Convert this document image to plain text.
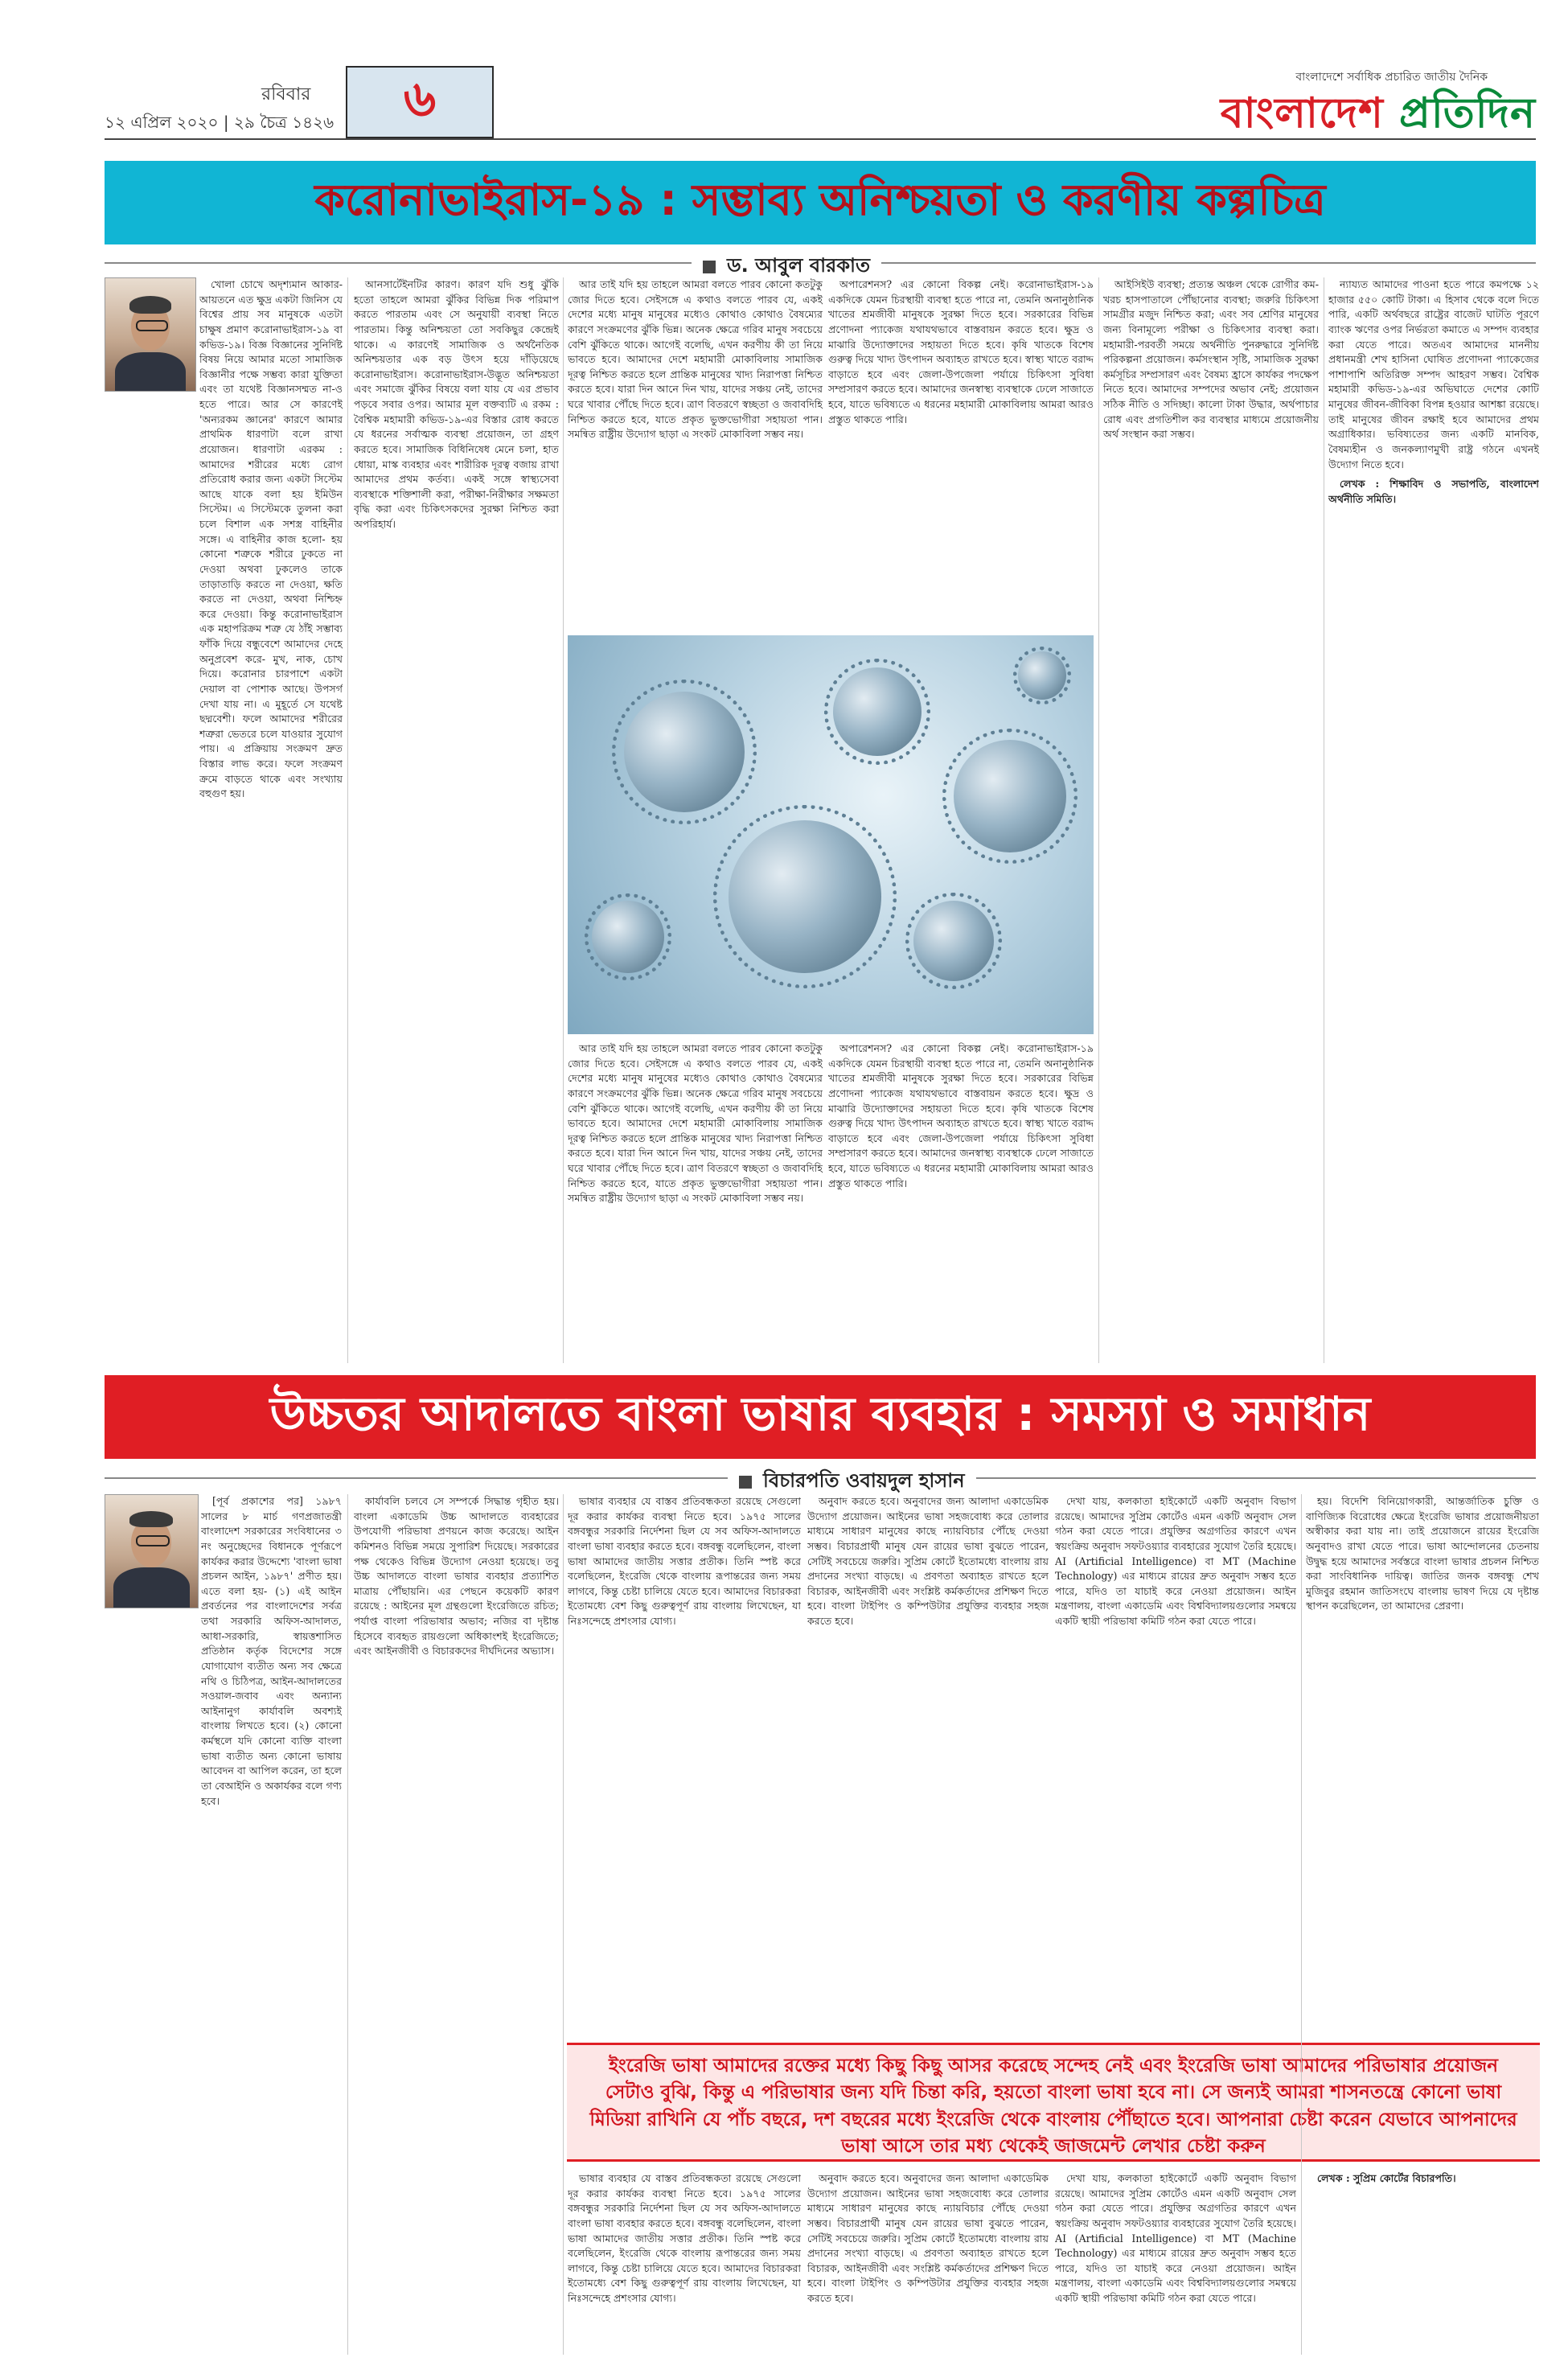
রবিবার
১২ এপ্রিল ২০২০ | ২৯ চৈত্র ১৪২৬ ৬	বাংলাদেশে সর্বাধিক প্রচারিত জাতীয় দৈনিক
বাংলাদেশ প্রতিদিন
করোনাভাইরাস-১৯ : সম্ভাব্য অনিশ্চয়তা ও করণীয় কল্পচিত্র
ড. আবুল বারকাত

খোলা চোখে অদৃশ্যমান আকার-আয়তনে এত ক্ষুদ্র একটা জিনিস যে বিশ্বের প্রায় সব মানুষকে এতটা চাক্ষুষ প্রমাণ করোনাভাইরাস-১৯ বা কভিড-১৯। বিজ্ঞ বিজ্ঞানের সুনির্দিষ্ট বিষয় নিয়ে আমার মতো সামাজিক বিজ্ঞানীর পক্ষে সম্ভব্য কারা যুক্তিতা এবং তা যথেষ্ট বিজ্ঞানসম্মত না-ও হতে পারে। আর সে কারণেই 'অন্যরকম জ্ঞানের' কারণে আমার প্রাথমিক ধারণাটা বলে রাখা প্রয়োজন। ধারণাটা এরকম : আমাদের শরীরের মধ্যে রোগ প্রতিরোধ করার জন্য একটা সিস্টেম আছে যাকে বলা হয় ইমিউন সিস্টেম। এ সিস্টেমকে তুলনা করা চলে বিশাল এক সশস্ত্র বাহিনীর সঙ্গে। এ বাহিনীর কাজ হলো- হয় কোনো শত্রুকে শরীরে ঢুকতে না দেওয়া অথবা ঢুকলেও তাকে তাড়াতাড়ি করতে না দেওয়া, ক্ষতি করতে না দেওয়া, অথবা নিশ্চিহ্ন করে দেওয়া। কিন্তু করোনাভাইরাস এক মহাপরিক্রম শত্রু যে ঠাঁই সম্ভাব্য ফাঁকি দিয়ে বন্ধুবেশে আমাদের দেহে অনুপ্রবেশ করে- মুখ, নাক, চোখ দিয়ে। করোনার চারপাশে একটা দেয়াল বা পোশাক আছে। উপসর্গ দেখা যায় না। এ মুহূর্তে সে যথেষ্ট ছদ্মবেশী। ফলে আমাদের শরীরের শত্রুরা ভেতরে চলে যাওয়ার সুযোগ পায়। এ প্রক্রিয়ায় সংক্রমণ দ্রুত বিস্তার লাভ করে। ফলে সংক্রমণ ক্রমে বাড়তে থাকে এবং সংখ্যায় বহুগুণ হয়।

আনসার্টেইনটির কারণ। কারণ যদি শুধু ঝুঁকি হতো তাহলে আমরা ঝুঁকির বিভিন্ন দিক পরিমাপ করতে পারতাম এবং সে অনুযায়ী ব্যবস্থা নিতে পারতাম। কিন্তু অনিশ্চয়তা তো সবকিছুর কেন্দ্রেই থাকে। এ কারণেই সামাজিক ও অর্থনৈতিক অনিশ্চয়তার এক বড় উৎস হয়ে দাঁড়িয়েছে করোনাভাইরাস। করোনাভাইরাস-উদ্ভূত অনিশ্চয়তা এবং সমাজে ঝুঁকির বিষয়ে বলা যায় যে এর প্রভাব পড়বে সবার ওপর। আমার মূল বক্তব্যটি এ রকম : বৈশ্বিক মহামারী কভিড-১৯-এর বিস্তার রোধ করতে যে ধরনের সর্বাত্মক ব্যবস্থা প্রয়োজন, তা গ্রহণ করতে হবে। সামাজিক বিধিনিষেধ মেনে চলা, হাত ধোয়া, মাস্ক ব্যবহার এবং শারীরিক দূরত্ব বজায় রাখা আমাদের প্রথম কর্তব্য। একই সঙ্গে স্বাস্থ্যসেবা ব্যবস্থাকে শক্তিশালী করা, পরীক্ষা-নিরীক্ষার সক্ষমতা বৃদ্ধি করা এবং চিকিৎসকদের সুরক্ষা নিশ্চিত করা অপরিহার্য।

আর তাই যদি হয় তাহলে আমরা বলতে পারব কোনো কতটুকু জোর দিতে হবে। সেইসঙ্গে এ কথাও বলতে পারব যে, একই দেশের মধ্যে মানুষ মানুষের মধ্যেও কোথাও কোথাও বৈষম্যের কারণে সংক্রমণের ঝুঁকি ভিন্ন। অনেক ক্ষেত্রে গরিব মানুষ সবচেয়ে বেশি ঝুঁকিতে থাকে। আগেই বলেছি, এখন করণীয় কী তা নিয়ে ভাবতে হবে। আমাদের দেশে মহামারী মোকাবিলায় সামাজিক দূরত্ব নিশ্চিত করতে হলে প্রান্তিক মানুষের খাদ্য নিরাপত্তা নিশ্চিত করতে হবে। যারা দিন আনে দিন খায়, যাদের সঞ্চয় নেই, তাদের ঘরে খাবার পৌঁছে দিতে হবে। ত্রাণ বিতরণে স্বচ্ছতা ও জবাবদিহি নিশ্চিত করতে হবে, যাতে প্রকৃত ভুক্তভোগীরা সহায়তা পান। সমন্বিত রাষ্ট্রীয় উদ্যোগ ছাড়া এ সংকট মোকাবিলা সম্ভব নয়।

অপারেশনস? এর কোনো বিকল্প নেই। করোনাভাইরাস-১৯ একদিকে যেমন চিরস্থায়ী ব্যবস্থা হতে পারে না, তেমনি অনানুষ্ঠানিক খাতের শ্রমজীবী মানুষকে সুরক্ষা দিতে হবে। সরকারের বিভিন্ন প্রণোদনা প্যাকেজ যথাযথভাবে বাস্তবায়ন করতে হবে। ক্ষুদ্র ও মাঝারি উদ্যোক্তাদের সহায়তা দিতে হবে। কৃষি খাতকে বিশেষ গুরুত্ব দিয়ে খাদ্য উৎপাদন অব্যাহত রাখতে হবে। স্বাস্থ্য খাতে বরাদ্দ বাড়াতে হবে এবং জেলা-উপজেলা পর্যায়ে চিকিৎসা সুবিধা সম্প্রসারণ করতে হবে। আমাদের জনস্বাস্থ্য ব্যবস্থাকে ঢেলে সাজাতে হবে, যাতে ভবিষ্যতে এ ধরনের মহামারী মোকাবিলায় আমরা আরও প্রস্তুত থাকতে পারি।

আর তাই যদি হয় তাহলে আমরা বলতে পারব কোনো কতটুকু জোর দিতে হবে। সেইসঙ্গে এ কথাও বলতে পারব যে, একই দেশের মধ্যে মানুষ মানুষের মধ্যেও কোথাও কোথাও বৈষম্যের কারণে সংক্রমণের ঝুঁকি ভিন্ন। অনেক ক্ষেত্রে গরিব মানুষ সবচেয়ে বেশি ঝুঁকিতে থাকে। আগেই বলেছি, এখন করণীয় কী তা নিয়ে ভাবতে হবে। আমাদের দেশে মহামারী মোকাবিলায় সামাজিক দূরত্ব নিশ্চিত করতে হলে প্রান্তিক মানুষের খাদ্য নিরাপত্তা নিশ্চিত করতে হবে। যারা দিন আনে দিন খায়, যাদের সঞ্চয় নেই, তাদের ঘরে খাবার পৌঁছে দিতে হবে। ত্রাণ বিতরণে স্বচ্ছতা ও জবাবদিহি নিশ্চিত করতে হবে, যাতে প্রকৃত ভুক্তভোগীরা সহায়তা পান। সমন্বিত রাষ্ট্রীয় উদ্যোগ ছাড়া এ সংকট মোকাবিলা সম্ভব নয়।

অপারেশনস? এর কোনো বিকল্প নেই। করোনাভাইরাস-১৯ একদিকে যেমন চিরস্থায়ী ব্যবস্থা হতে পারে না, তেমনি অনানুষ্ঠানিক খাতের শ্রমজীবী মানুষকে সুরক্ষা দিতে হবে। সরকারের বিভিন্ন প্রণোদনা প্যাকেজ যথাযথভাবে বাস্তবায়ন করতে হবে। ক্ষুদ্র ও মাঝারি উদ্যোক্তাদের সহায়তা দিতে হবে। কৃষি খাতকে বিশেষ গুরুত্ব দিয়ে খাদ্য উৎপাদন অব্যাহত রাখতে হবে। স্বাস্থ্য খাতে বরাদ্দ বাড়াতে হবে এবং জেলা-উপজেলা পর্যায়ে চিকিৎসা সুবিধা সম্প্রসারণ করতে হবে। আমাদের জনস্বাস্থ্য ব্যবস্থাকে ঢেলে সাজাতে হবে, যাতে ভবিষ্যতে এ ধরনের মহামারী মোকাবিলায় আমরা আরও প্রস্তুত থাকতে পারি।

আইসিইউ ব্যবস্থা; প্রত্যন্ত অঞ্চল থেকে রোগীর কম-খরচ হাসপাতালে পৌঁছানোর ব্যবস্থা; জরুরি চিকিৎসা সামগ্রীর মজুদ নিশ্চিত করা; এবং সব শ্রেণির মানুষের জন্য বিনামূল্যে পরীক্ষা ও চিকিৎসার ব্যবস্থা করা। মহামারী-পরবর্তী সময়ে অর্থনীতি পুনরুদ্ধারে সুনির্দিষ্ট পরিকল্পনা প্রয়োজন। কর্মসংস্থান সৃষ্টি, সামাজিক সুরক্ষা কর্মসূচির সম্প্রসারণ এবং বৈষম্য হ্রাসে কার্যকর পদক্ষেপ নিতে হবে। আমাদের সম্পদের অভাব নেই; প্রয়োজন সঠিক নীতি ও সদিচ্ছা। কালো টাকা উদ্ধার, অর্থপাচার রোধ এবং প্রগতিশীল কর ব্যবস্থার মাধ্যমে প্রয়োজনীয় অর্থ সংস্থান করা সম্ভব।

ন্যায্যত আমাদের পাওনা হতে পারে কমপক্ষে ১২ হাজার ৫৫০ কোটি টাকা। এ হিসাব থেকে বলে দিতে পারি, একটি অর্থবছরে রাষ্ট্রের বাজেট ঘাটতি পূরণে ব্যাংক ঋণের ওপর নির্ভরতা কমাতে এ সম্পদ ব্যবহার করা যেতে পারে। অতএব আমাদের মাননীয় প্রধানমন্ত্রী শেখ হাসিনা ঘোষিত প্রণোদনা প্যাকেজের পাশাপাশি অতিরিক্ত সম্পদ আহরণ সম্ভব। বৈশ্বিক মহামারী কভিড-১৯-এর অভিঘাতে দেশের কোটি মানুষের জীবন-জীবিকা বিপন্ন হওয়ার আশঙ্কা রয়েছে। তাই মানুষের জীবন রক্ষাই হবে আমাদের প্রথম অগ্রাধিকার। ভবিষ্যতের জন্য একটি মানবিক, বৈষম্যহীন ও জনকল্যাণমুখী রাষ্ট্র গঠনে এখনই উদ্যোগ নিতে হবে।

লেখক : শিক্ষাবিদ ও সভাপতি, বাংলাদেশ অর্থনীতি সমিতি।

উচ্চতর আদালতে বাংলা ভাষার ব্যবহার : সমস্যা ও সমাধান
বিচারপতি ওবায়দুল হাসান

[পূর্ব প্রকাশের পর] ১৯৮৭ সালের ৮ মার্চ গণপ্রজাতন্ত্রী বাংলাদেশ সরকারের সংবিধানের ৩ নং অনুচ্ছেদের বিধানকে পূর্ণরূপে কার্যকর করার উদ্দেশ্যে 'বাংলা ভাষা প্রচলন আইন, ১৯৮৭' প্রণীত হয়। এতে বলা হয়- (১) এই আইন প্রবর্তনের পর বাংলাদেশের সর্বত্র তথা সরকারি অফিস-আদালত, আধা-সরকারি, স্বায়ত্তশাসিত প্রতিষ্ঠান কর্তৃক বিদেশের সঙ্গে যোগাযোগ ব্যতীত অন্য সব ক্ষেত্রে নথি ও চিঠিপত্র, আইন-আদালতের সওয়াল-জবাব এবং অন্যান্য আইনানুগ কার্যাবলি অবশ্যই বাংলায় লিখতে হবে। (২) কোনো কর্মস্থলে যদি কোনো ব্যক্তি বাংলা ভাষা ব্যতীত অন্য কোনো ভাষায় আবেদন বা আপিল করেন, তা হলে তা বেআইনি ও অকার্যকর বলে গণ্য হবে।

কার্যাবলি চলবে সে সম্পর্কে সিদ্ধান্ত গৃহীত হয়। বাংলা একাডেমি উচ্চ আদালতে ব্যবহারের উপযোগী পরিভাষা প্রণয়নে কাজ করেছে। আইন কমিশনও বিভিন্ন সময়ে সুপারিশ দিয়েছে। সরকারের পক্ষ থেকেও বিভিন্ন উদ্যোগ নেওয়া হয়েছে। তবু উচ্চ আদালতে বাংলা ভাষার ব্যবহার প্রত্যাশিত মাত্রায় পৌঁছায়নি। এর পেছনে কয়েকটি কারণ রয়েছে : আইনের মূল গ্রন্থগুলো ইংরেজিতে রচিত; পর্যাপ্ত বাংলা পরিভাষার অভাব; নজির বা দৃষ্টান্ত হিসেবে ব্যবহৃত রায়গুলো অধিকাংশই ইংরেজিতে; এবং আইনজীবী ও বিচারকদের দীর্ঘদিনের অভ্যাস।

ভাষার ব্যবহার যে বাস্তব প্রতিবন্ধকতা রয়েছে সেগুলো দূর করার কার্যকর ব্যবস্থা নিতে হবে। ১৯৭৫ সালের বঙ্গবন্ধুর সরকারি নির্দেশনা ছিল যে সব অফিস-আদালতে বাংলা ভাষা ব্যবহার করতে হবে। বঙ্গবন্ধু বলেছিলেন, বাংলা ভাষা আমাদের জাতীয় সত্তার প্রতীক। তিনি স্পষ্ট করে বলেছিলেন, ইংরেজি থেকে বাংলায় রূপান্তরের জন্য সময় লাগবে, কিন্তু চেষ্টা চালিয়ে যেতে হবে। আমাদের বিচারকরা ইতোমধ্যে বেশ কিছু গুরুত্বপূর্ণ রায় বাংলায় লিখেছেন, যা নিঃসন্দেহে প্রশংসার যোগ্য।

অনুবাদ করতে হবে। অনুবাদের জন্য আলাদা একাডেমিক উদ্যোগ প্রয়োজন। আইনের ভাষা সহজবোধ্য করে তোলার মাধ্যমে সাধারণ মানুষের কাছে ন্যায়বিচার পৌঁছে দেওয়া সম্ভব। বিচারপ্রার্থী মানুষ যেন রায়ের ভাষা বুঝতে পারেন, সেটিই সবচেয়ে জরুরি। সুপ্রিম কোর্টে ইতোমধ্যে বাংলায় রায় প্রদানের সংখ্যা বাড়ছে। এ প্রবণতা অব্যাহত রাখতে হলে বিচারক, আইনজীবী এবং সংশ্লিষ্ট কর্মকর্তাদের প্রশিক্ষণ দিতে হবে। বাংলা টাইপিং ও কম্পিউটার প্রযুক্তির ব্যবহার সহজ করতে হবে।

দেখা যায়, কলকাতা হাইকোর্টে একটি অনুবাদ বিভাগ রয়েছে। আমাদের সুপ্রিম কোর্টেও এমন একটি অনুবাদ সেল গঠন করা যেতে পারে। প্রযুক্তির অগ্রগতির কারণে এখন স্বয়ংক্রিয় অনুবাদ সফটওয়্যার ব্যবহারের সুযোগ তৈরি হয়েছে। AI (Artificial Intelligence) বা MT (Machine Technology) এর মাধ্যমে রায়ের দ্রুত অনুবাদ সম্ভব হতে পারে, যদিও তা যাচাই করে নেওয়া প্রয়োজন। আইন মন্ত্রণালয়, বাংলা একাডেমি এবং বিশ্ববিদ্যালয়গুলোর সমন্বয়ে একটি স্থায়ী পরিভাষা কমিটি গঠন করা যেতে পারে।

ইংরেজি ভাষা আমাদের রক্তের মধ্যে কিছু কিছু আসর করেছে সন্দেহ নেই এবং ইংরেজি ভাষা আমাদের পরিভাষার প্রয়োজন সেটাও বুঝি, কিন্তু এ পরিভাষার জন্য যদি চিন্তা করি, হয়তো বাংলা ভাষা হবে না। সে জন্যই আমরা শাসনতন্ত্রে কোনো ভাষা মিডিয়া রাখিনি যে পাঁচ বছরে, দশ বছরের মধ্যে ইংরেজি থেকে বাংলায় পৌঁছাতে হবে। আপনারা চেষ্টা করেন যেভাবে আপনাদের ভাষা আসে তার মধ্য থেকেই জাজমেন্ট লেখার চেষ্টা করুন

ভাষার ব্যবহার যে বাস্তব প্রতিবন্ধকতা রয়েছে সেগুলো দূর করার কার্যকর ব্যবস্থা নিতে হবে। ১৯৭৫ সালের বঙ্গবন্ধুর সরকারি নির্দেশনা ছিল যে সব অফিস-আদালতে বাংলা ভাষা ব্যবহার করতে হবে। বঙ্গবন্ধু বলেছিলেন, বাংলা ভাষা আমাদের জাতীয় সত্তার প্রতীক। তিনি স্পষ্ট করে বলেছিলেন, ইংরেজি থেকে বাংলায় রূপান্তরের জন্য সময় লাগবে, কিন্তু চেষ্টা চালিয়ে যেতে হবে। আমাদের বিচারকরা ইতোমধ্যে বেশ কিছু গুরুত্বপূর্ণ রায় বাংলায় লিখেছেন, যা নিঃসন্দেহে প্রশংসার যোগ্য।

অনুবাদ করতে হবে। অনুবাদের জন্য আলাদা একাডেমিক উদ্যোগ প্রয়োজন। আইনের ভাষা সহজবোধ্য করে তোলার মাধ্যমে সাধারণ মানুষের কাছে ন্যায়বিচার পৌঁছে দেওয়া সম্ভব। বিচারপ্রার্থী মানুষ যেন রায়ের ভাষা বুঝতে পারেন, সেটিই সবচেয়ে জরুরি। সুপ্রিম কোর্টে ইতোমধ্যে বাংলায় রায় প্রদানের সংখ্যা বাড়ছে। এ প্রবণতা অব্যাহত রাখতে হলে বিচারক, আইনজীবী এবং সংশ্লিষ্ট কর্মকর্তাদের প্রশিক্ষণ দিতে হবে। বাংলা টাইপিং ও কম্পিউটার প্রযুক্তির ব্যবহার সহজ করতে হবে।

দেখা যায়, কলকাতা হাইকোর্টে একটি অনুবাদ বিভাগ রয়েছে। আমাদের সুপ্রিম কোর্টেও এমন একটি অনুবাদ সেল গঠন করা যেতে পারে। প্রযুক্তির অগ্রগতির কারণে এখন স্বয়ংক্রিয় অনুবাদ সফটওয়্যার ব্যবহারের সুযোগ তৈরি হয়েছে। AI (Artificial Intelligence) বা MT (Machine Technology) এর মাধ্যমে রায়ের দ্রুত অনুবাদ সম্ভব হতে পারে, যদিও তা যাচাই করে নেওয়া প্রয়োজন। আইন মন্ত্রণালয়, বাংলা একাডেমি এবং বিশ্ববিদ্যালয়গুলোর সমন্বয়ে একটি স্থায়ী পরিভাষা কমিটি গঠন করা যেতে পারে।

হয়। বিদেশি বিনিয়োগকারী, আন্তর্জাতিক চুক্তি ও বাণিজ্যিক বিরোধের ক্ষেত্রে ইংরেজি ভাষার প্রয়োজনীয়তা অস্বীকার করা যায় না। তাই প্রয়োজনে রায়ের ইংরেজি অনুবাদও রাখা যেতে পারে। ভাষা আন্দোলনের চেতনায় উদ্বুদ্ধ হয়ে আমাদের সর্বস্তরে বাংলা ভাষার প্রচলন নিশ্চিত করা সাংবিধানিক দায়িত্ব। জাতির জনক বঙ্গবন্ধু শেখ মুজিবুর রহমান জাতিসংঘে বাংলায় ভাষণ দিয়ে যে দৃষ্টান্ত স্থাপন করেছিলেন, তা আমাদের প্রেরণা।

লেখক : সুপ্রিম কোর্টের বিচারপতি।
